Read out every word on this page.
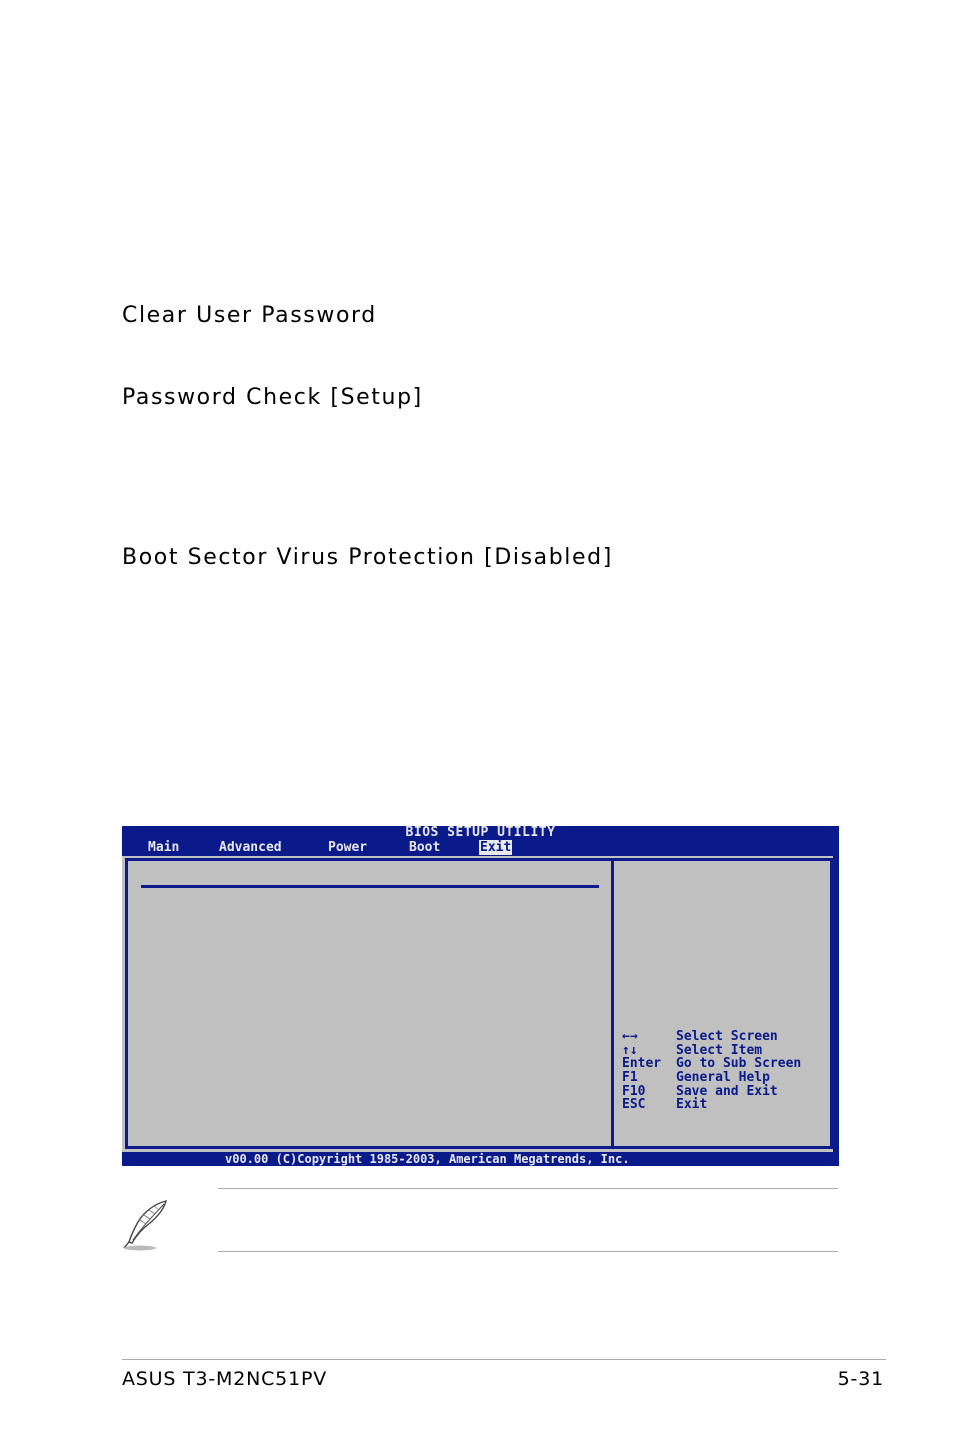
Clear User Password
Password Check [Setup]
Boot Sector Virus Protection [Disabled]
BIOS SETUP UTILITY
Main	Advanced	Power	Boot	Exit
←→	Select Screen
↑↓	Select Item
Enter Go to Sub Screen
F1	General Help
F10 Save and Exit
ESC Exit
v00.00 (C)Copyright 1985-2003, American Megatrends, Inc.
ASUS T3-M2NC51PV	5-31
